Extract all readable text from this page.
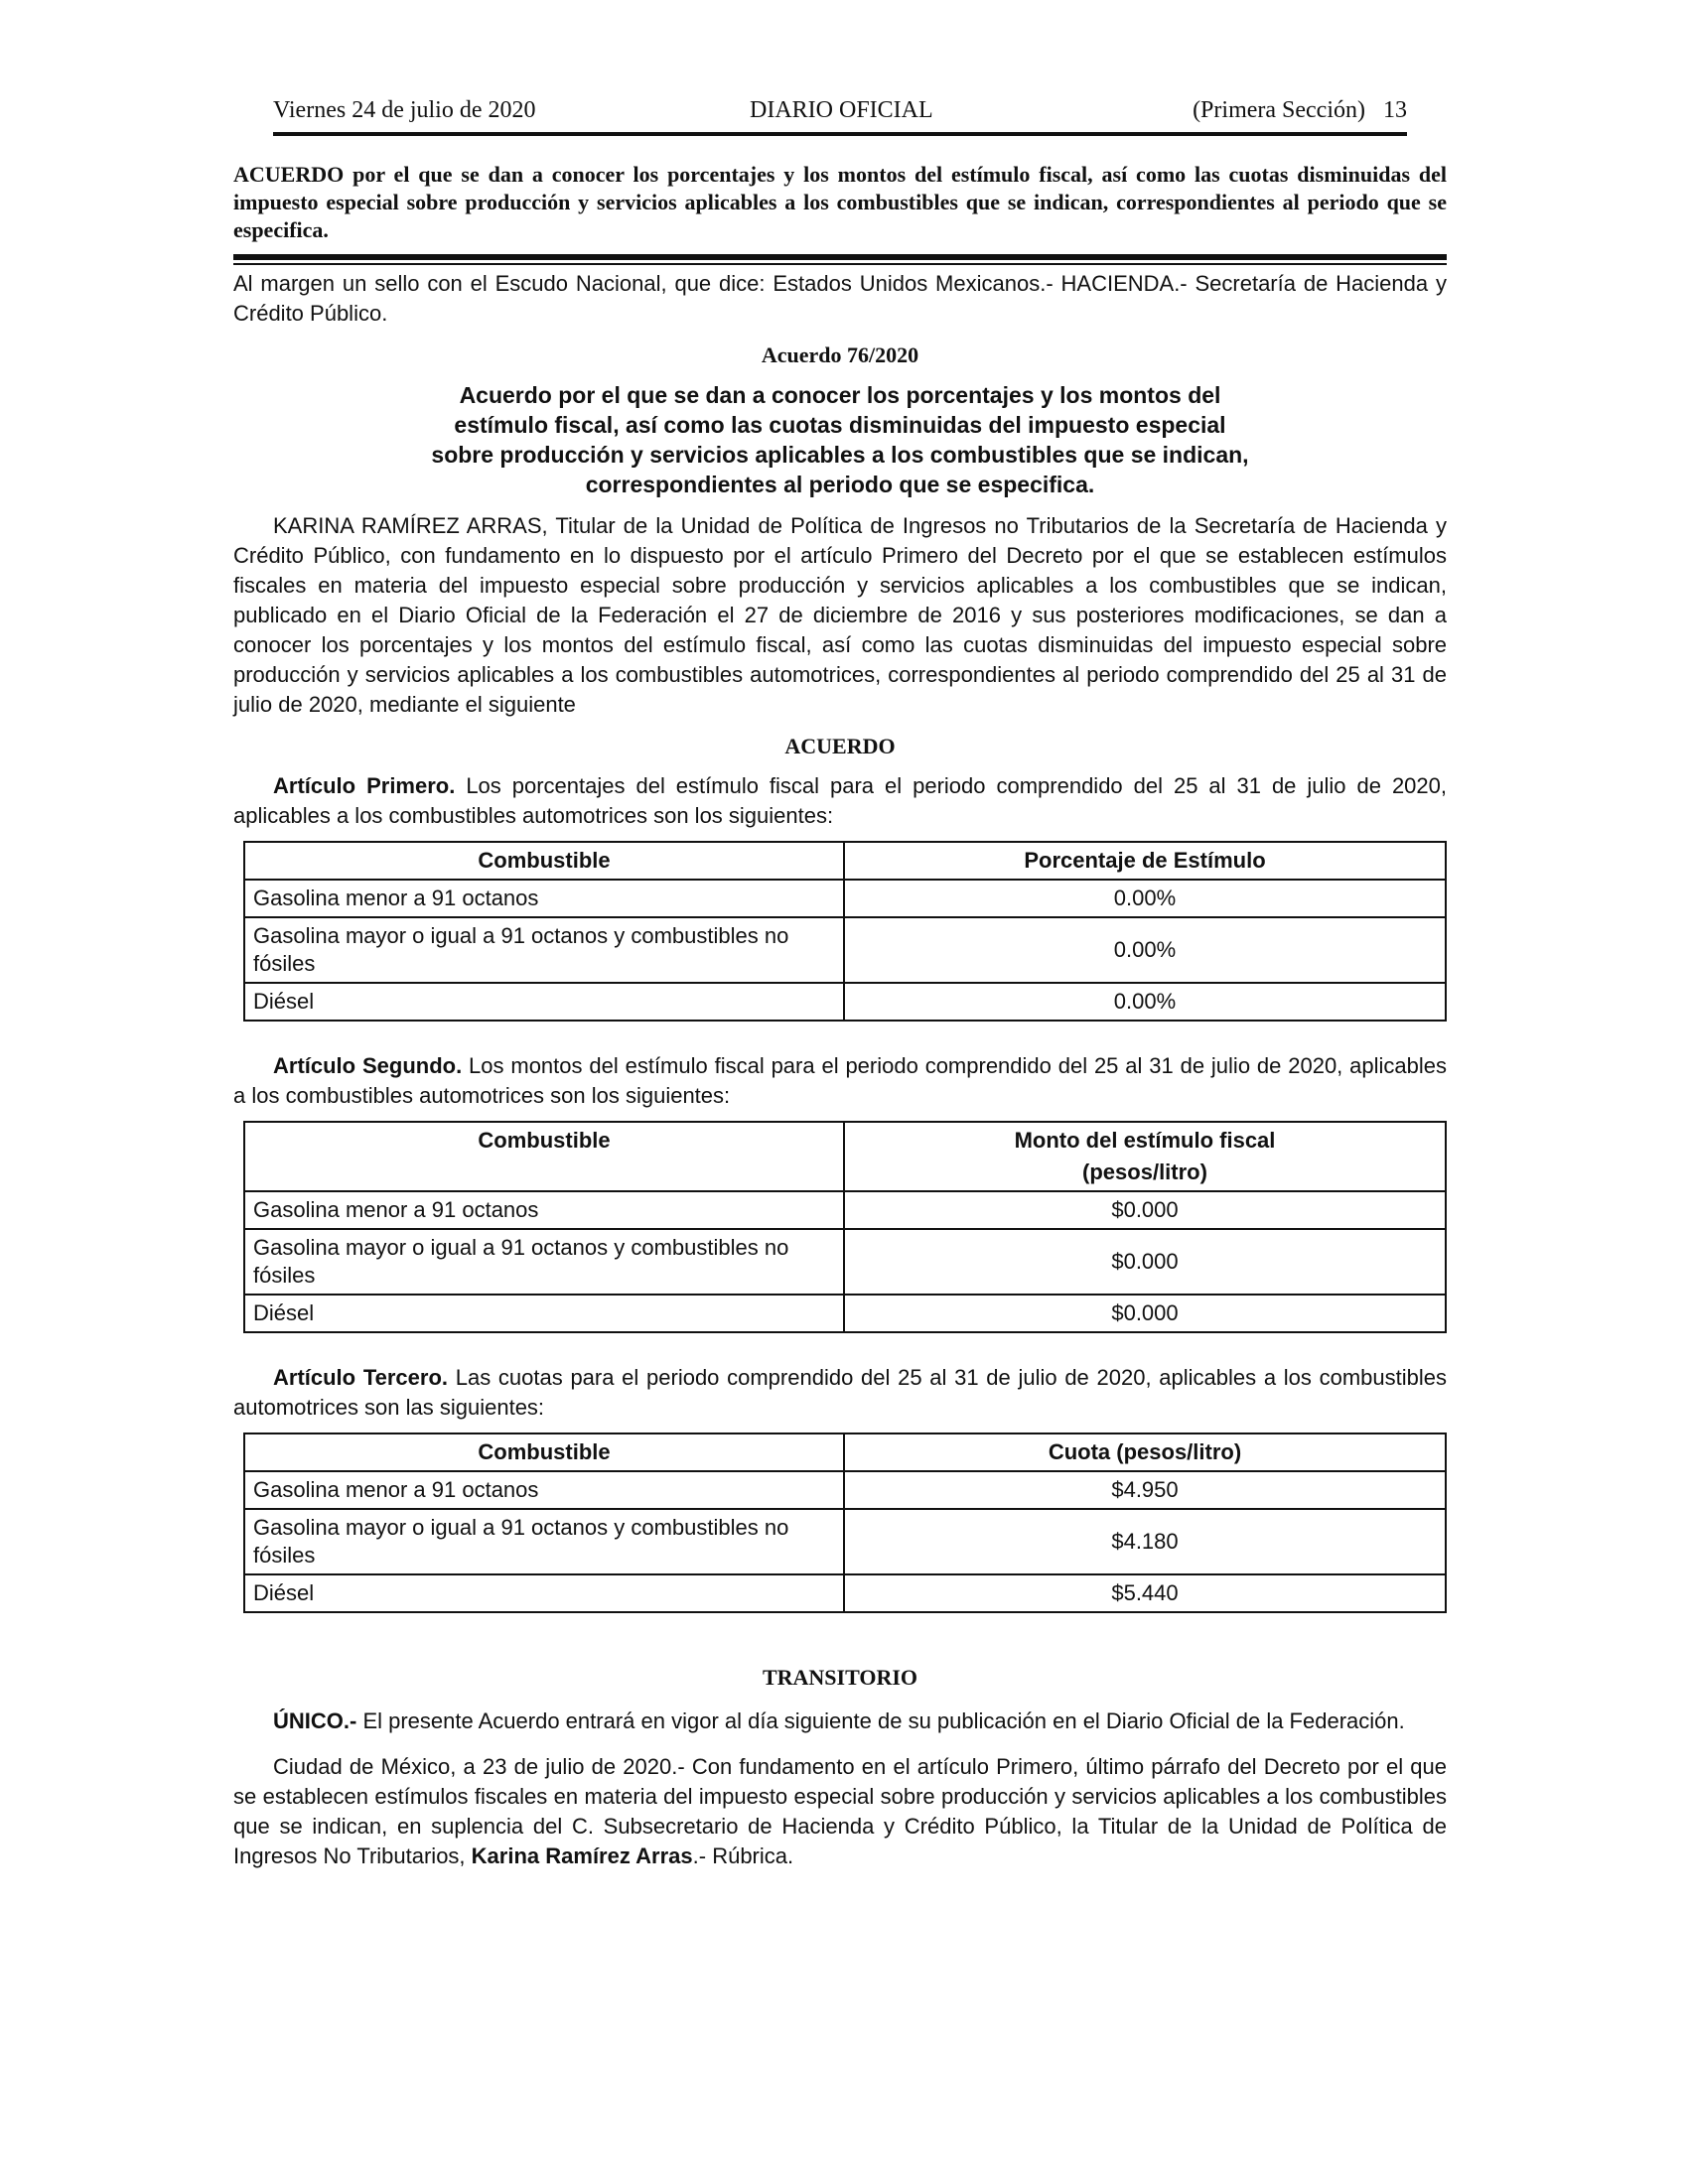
Viernes 24 de julio de 2020	DIARIO OFICIAL	(Primera Sección) 13
ACUERDO por el que se dan a conocer los porcentajes y los montos del estímulo fiscal, así como las cuotas disminuidas del impuesto especial sobre producción y servicios aplicables a los combustibles que se indican, correspondientes al periodo que se especifica.

Al margen un sello con el Escudo Nacional, que dice: Estados Unidos Mexicanos.- HACIENDA.- Secretaría de Hacienda y Crédito Público.

Acuerdo 76/2020
Acuerdo por el que se dan a conocer los porcentajes y los montos del estímulo fiscal, así como las cuotas disminuidas del impuesto especial sobre producción y servicios aplicables a los combustibles que se indican, correspondientes al periodo que se especifica.

KARINA RAMÍREZ ARRAS, Titular de la Unidad de Política de Ingresos no Tributarios de la Secretaría de Hacienda y Crédito Público, con fundamento en lo dispuesto por el artículo Primero del Decreto por el que se establecen estímulos fiscales en materia del impuesto especial sobre producción y servicios aplicables a los combustibles que se indican, publicado en el Diario Oficial de la Federación el 27 de diciembre de 2016 y sus posteriores modificaciones, se dan a conocer los porcentajes y los montos del estímulo fiscal, así como las cuotas disminuidas del impuesto especial sobre producción y servicios aplicables a los combustibles automotrices, correspondientes al periodo comprendido del 25 al 31 de julio de 2020, mediante el siguiente

ACUERDO

Artículo Primero. Los porcentajes del estímulo fiscal para el periodo comprendido del 25 al 31 de julio de 2020, aplicables a los combustibles automotrices son los siguientes:

Combustible	Porcentaje de Estímulo
Gasolina menor a 91 octanos	0.00%
Gasolina mayor o igual a 91 octanos y combustibles no fósiles	0.00%
Diésel	0.00%

Artículo Segundo. Los montos del estímulo fiscal para el periodo comprendido del 25 al 31 de julio de 2020, aplicables a los combustibles automotrices son los siguientes:

Combustible	Monto del estímulo fiscal
(pesos/litro)

Gasolina menor a 91 octanos	$0.000
Gasolina mayor o igual a 91 octanos y combustibles no fósiles	$0.000
Diésel	$0.000

Artículo Tercero. Las cuotas para el periodo comprendido del 25 al 31 de julio de 2020, aplicables a los combustibles automotrices son las siguientes:

Combustible	Cuota (pesos/litro)
Gasolina menor a 91 octanos	$4.950
Gasolina mayor o igual a 91 octanos y combustibles no fósiles	$4.180
Diésel	$5.440
TRANSITORIO

ÚNICO.- El presente Acuerdo entrará en vigor al día siguiente de su publicación en el Diario Oficial de la Federación.

Ciudad de México, a 23 de julio de 2020.- Con fundamento en el artículo Primero, último párrafo del Decreto por el que se establecen estímulos fiscales en materia del impuesto especial sobre producción y servicios aplicables a los combustibles que se indican, en suplencia del C. Subsecretario de Hacienda y Crédito Público, la Titular de la Unidad de Política de Ingresos No Tributarios, Karina Ramírez Arras.- Rúbrica.
